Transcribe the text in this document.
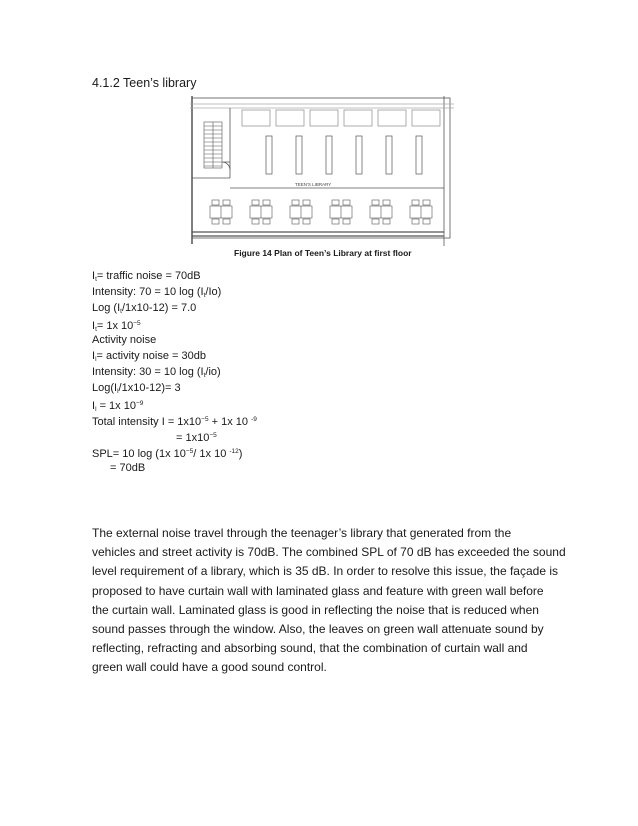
4.1.2 Teen’s library
TEEN'S LIBRARY
Figure 14 Plan of Teen’s Library at first floor
$I_t=$ traffic noise = 70dB
Intensity: 70 = 10 $\log (I_t/Io)$
Log $(I_t/1x10-12) = 7.0$
$I_t= 1x$ $10^{-5}$
Activity noise
$I_l=$ activity noise = 30db
Intensity: 30 = 10 $\log (I_t/io)$
$Log(I_l/1x10-12)= 3$
$I_l = 1x$ $10^{-9}$
Total intensity $I = 1x10^{-5} + 1x$ 10 $^{-9}$
= $1x10^{-5}$
SPL= 10 log (1x $10^{-5}/$ 1x 10 $^{-12}$)
= 70dB
The external noise travel through the teenager’s library that generated from the
vehicles and street activity is 70dB. The combined SPL of 70 dB has exceeded the sound
level requirement of a library, which is 35 dB. In order to resolve this issue, the façade is
proposed to have curtain wall with laminated glass and feature with green wall before
the curtain wall. Laminated glass is good in reflecting the noise that is reduced when
sound passes through the window. Also, the leaves on green wall attenuate sound by
reflecting, refracting and absorbing sound, that the combination of curtain wall and
green wall could have a good sound control.
